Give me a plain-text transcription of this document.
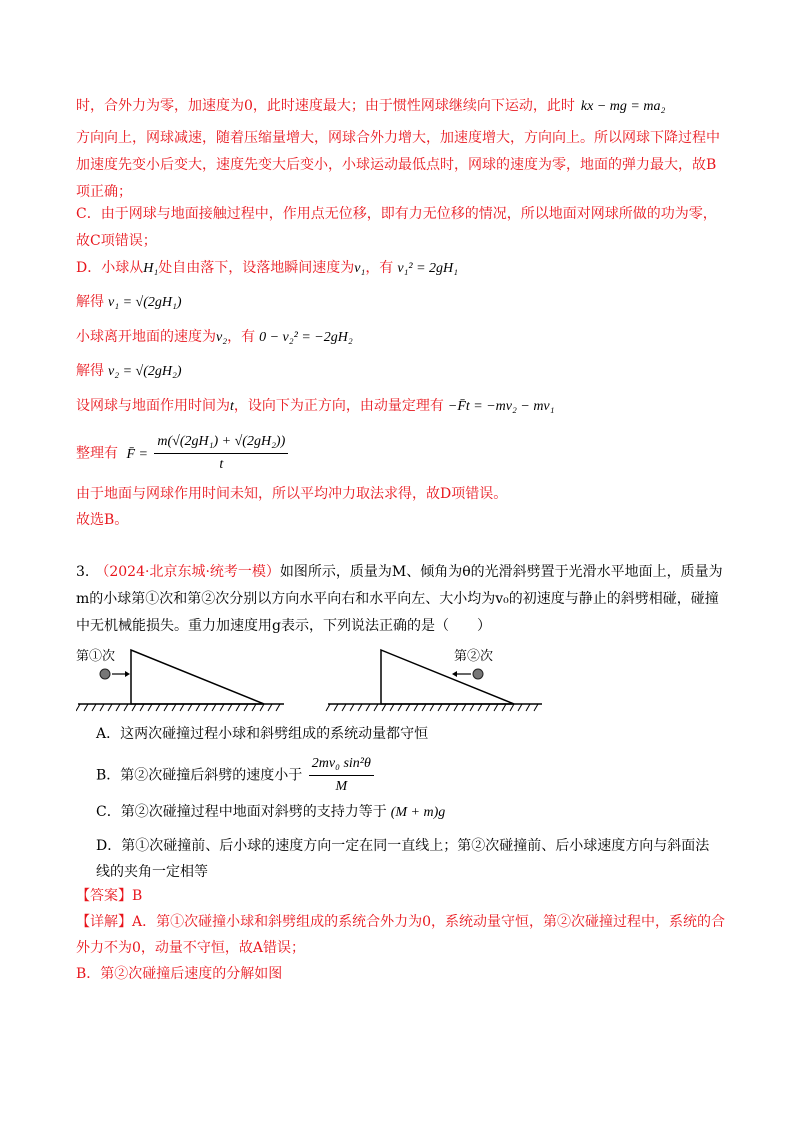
时，合外力为零，加速度为0，此时速度最大；由于惯性网球继续向下运动，此时 kx − mg = ma₂
方向向上，网球减速，随着压缩量增大，网球合外力增大，加速度增大，方向向上。所以网球下降过程中
加速度先变小后变大，速度先变大后变小，小球运动最低点时，网球的速度为零，地面的弹力最大，故B
项正确；
C．由于网球与地面接触过程中，作用点无位移，即有力无位移的情况，所以地面对网球所做的功为零，
故C项错误；
D．小球从H₁处自由落下，设落地瞬间速度为v₁，有 v₁² = 2gH₁
解得 v₁ = √(2gH₁)
小球离开地面的速度为v₂，有 0 − v₂² = −2gH₂
解得 v₂ = √(2gH₂)
设网球与地面作用时间为t，设向下为正方向，由动量定理有 −F̄t = −mv₂ − mv₁
整理有 F̄ = $\frac{\text{m(√(2gH₁) + √(2gH₂))}}{t}$
由于地面与网球作用时间未知，所以平均冲力取法求得，故D项错误。
故选B。
3. （2024·北京东城·统考一模）如图所示，质量为M、倾角为θ的光滑斜劈置于光滑水平地面上，质量为
m的小球第①次和第②次分别以方向水平向右和水平向左、大小均为v₀的初速度与静止的斜劈相碰，碰撞
中无机械能损失。重力加速度用g表示，下列说法正确的是（　　）
第①次	第②次
A．这两次碰撞过程小球和斜劈组成的系统动量都守恒
B．第②次碰撞后斜劈的速度小于 $\frac{\text{2mv₀ sin²θ}}{M}$
C．第②次碰撞过程中地面对斜劈的支持力等于 (M + m)g
D．第①次碰撞前、后小球的速度方向一定在同一直线上；第②次碰撞前、后小球速度方向与斜面法
线的夹角一定相等
【答案】B
【详解】A．第①次碰撞小球和斜劈组成的系统合外力为0，系统动量守恒，第②次碰撞过程中，系统的合
外力不为0，动量不守恒，故A错误；
B．第②次碰撞后速度的分解如图
